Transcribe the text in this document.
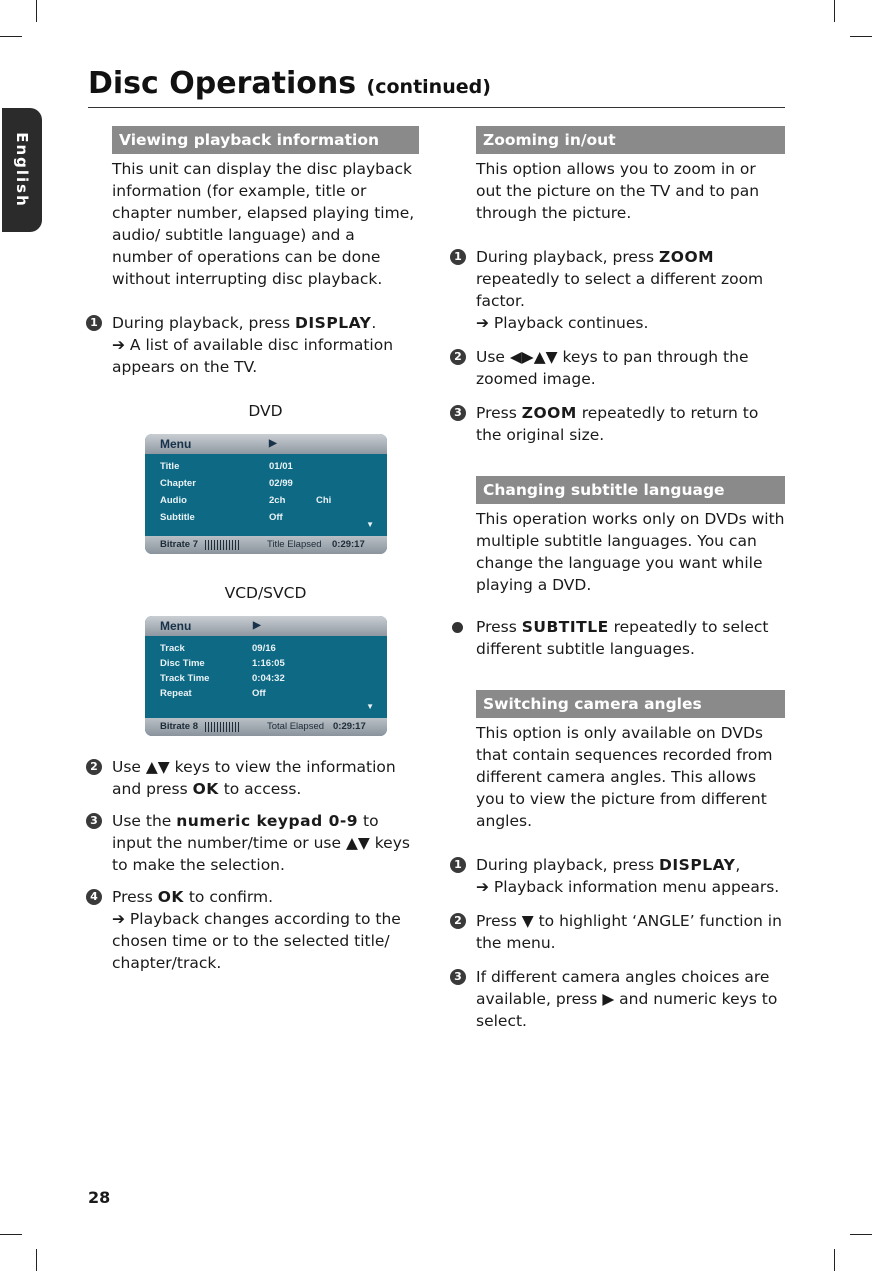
English
Disc Operations (continued)
Viewing playback information

This unit can display the disc playback information (for example, title or chapter number, elapsed playing time, audio/ subtitle language) and a number of operations can be done without interrupting disc playback.

1 During playback, press DISPLAY.
➔ A list of available disc information appears on the TV.

DVD
Menu	▶
Title	01/01
Chapter	02/99
Audio	2ch	Chi
Subtitle	Off
▼
Bitrate 7	Title Elapsed 0:29:17
VCD/SVCD
Menu	▶
Track	09/16
Disc Time	1:16:05
Track Time	0:04:32
Repeat	Off
▼
Bitrate 8	Total Elapsed 0:29:17
2 Use ▲▼ keys to view the information and press OK to access.

3 Use the numeric keypad 0-9 to input the number/time or use ▲▼ keys to make the selection.

4 Press OK to confirm.
➔ Playback changes according to the chosen time or to the selected title/ chapter/track.

Zooming in/out

This option allows you to zoom in or out the picture on the TV and to pan through the picture.

1 During playback, press ZOOM repeatedly to select a different zoom factor.
➔ Playback continues.

2 Use ◀▶▲▼ keys to pan through the zoomed image.

3 Press ZOOM repeatedly to return to the original size.

Changing subtitle language

This operation works only on DVDs with multiple subtitle languages. You can change the language you want while playing a DVD.

Press SUBTITLE repeatedly to select different subtitle languages.

Switching camera angles

This option is only available on DVDs that contain sequences recorded from different camera angles. This allows you to view the picture from different angles.

1 During playback, press DISPLAY,
➔ Playback information menu appears.

2 Press ▼ to highlight ‘ANGLE’ function in the menu.

3 If different camera angles choices are available, press ▶ and numeric keys to select.

28
